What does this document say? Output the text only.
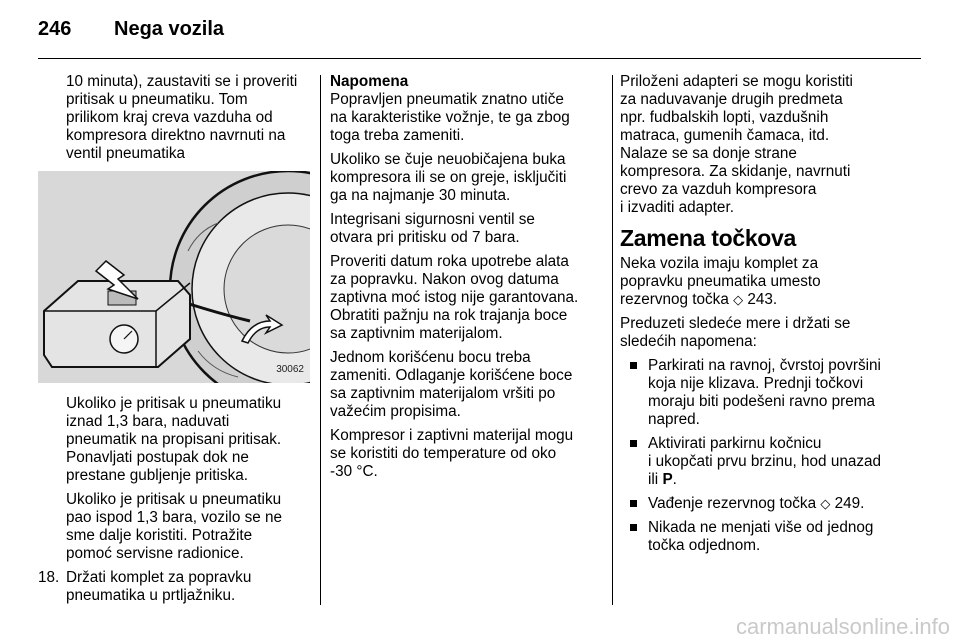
246 Nega vozila

10 minuta), zaustaviti se i proveriti
pritisak u pneumatiku. Tom
prilikom kraj creva vazduha od
kompresora direktno navrnuti na
ventil pneumatika

30062

Ukoliko je pritisak u pneumatiku
iznad 1,3 bara, naduvati
pneumatik na propisani pritisak.
Ponavljati postupak dok ne
prestane gubljenje pritiska.

Ukoliko je pritisak u pneumatiku
pao ispod 1,3 bara, vozilo se ne
sme dalje koristiti. Potražite
pomoć servisne radionice.

18. Držati komplet za popravku
pneumatika u prtljažniku.

Napomena
Popravljen pneumatik znatno utiče
na karakteristike vožnje, te ga zbog
toga treba zameniti.

Ukoliko se čuje neuobičajena buka
kompresora ili se on greje, isključiti
ga na najmanje 30 minuta.

Integrisani sigurnosni ventil se
otvara pri pritisku od 7 bara.

Proveriti datum roka upotrebe alata
za popravku. Nakon ovog datuma
zaptivna moć istog nije garantovana.
Obratiti pažnju na rok trajanja boce
sa zaptivnim materijalom.

Jednom korišćenu bocu treba
zameniti. Odlaganje korišćene boce
sa zaptivnim materijalom vršiti po
važećim propisima.

Kompresor i zaptivni materijal mogu
se koristiti do temperature od oko
-30 °C.

Priloženi adapteri se mogu koristiti
za naduvavanje drugih predmeta
npr. fudbalskih lopti, vazdušnih
matraca, gumenih čamaca, itd.
Nalaze se sa donje strane
kompresora. Za skidanje, navrnuti
crevo za vazduh kompresora
i izvaditi adapter.

Zamena točkova

Neka vozila imaju komplet za
popravku pneumatika umesto
rezervnog točka ◇ 243.

Preduzeti sledeće mere i držati se
sledećih napomena:

Parkirati na ravnoj, čvrstoj površini
koja nije klizava. Prednji točkovi
moraju biti podešeni ravno prema
napred.

Aktivirati parkirnu kočnicu
i ukopčati prvu brzinu, hod unazad
ili P.

Vađenje rezervnog točka ◇ 249.

Nikada ne menjati više od jednog
točka odjednom.

carmanualsonline.info
